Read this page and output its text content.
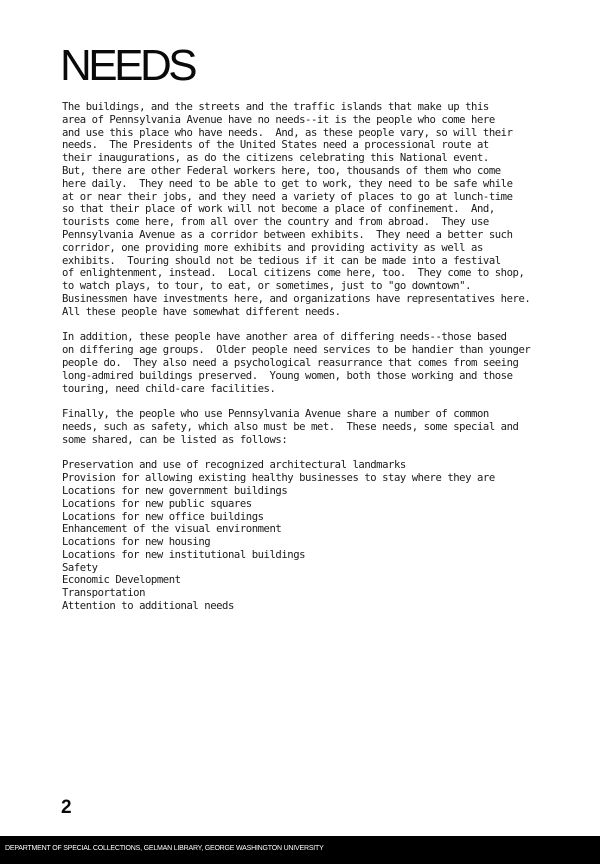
NEEDS

The buildings, and the streets and the traffic islands that make up this
area of Pennsylvania Avenue have no needs--it is the people who come here
and use this place who have needs.  And, as these people vary, so will their
needs.  The Presidents of the United States need a processional route at
their inaugurations, as do the citizens celebrating this National event.
But, there are other Federal workers here, too, thousands of them who come
here daily.  They need to be able to get to work, they need to be safe while
at or near their jobs, and they need a variety of places to go at lunch-time
so that their place of work will not become a place of confinement.  And,
tourists come here, from all over the country and from abroad.  They use
Pennsylvania Avenue as a corridor between exhibits.  They need a better such
corridor, one providing more exhibits and providing activity as well as
exhibits.  Touring should not be tedious if it can be made into a festival
of enlightenment, instead.  Local citizens come here, too.  They come to shop,
to watch plays, to tour, to eat, or sometimes, just to "go downtown".
Businessmen have investments here, and organizations have representatives here.
All these people have somewhat different needs.

In addition, these people have another area of differing needs--those based
on differing age groups.  Older people need services to be handier than younger
people do.  They also need a psychological reasurrance that comes from seeing
long-admired buildings preserved.  Young women, both those working and those
touring, need child-care facilities.

Finally, the people who use Pennsylvania Avenue share a number of common
needs, such as safety, which also must be met.  These needs, some special and
some shared, can be listed as follows:

Preservation and use of recognized architectural landmarks
Provision for allowing existing healthy businesses to stay where they are
Locations for new government buildings
Locations for new public squares
Locations for new office buildings
Enhancement of the visual environment
Locations for new housing
Locations for new institutional buildings
Safety
Economic Development
Transportation
Attention to additional needs
2
DEPARTMENT OF SPECIAL COLLECTIONS, GELMAN LIBRARY, GEORGE WASHINGTON UNIVERSITY
